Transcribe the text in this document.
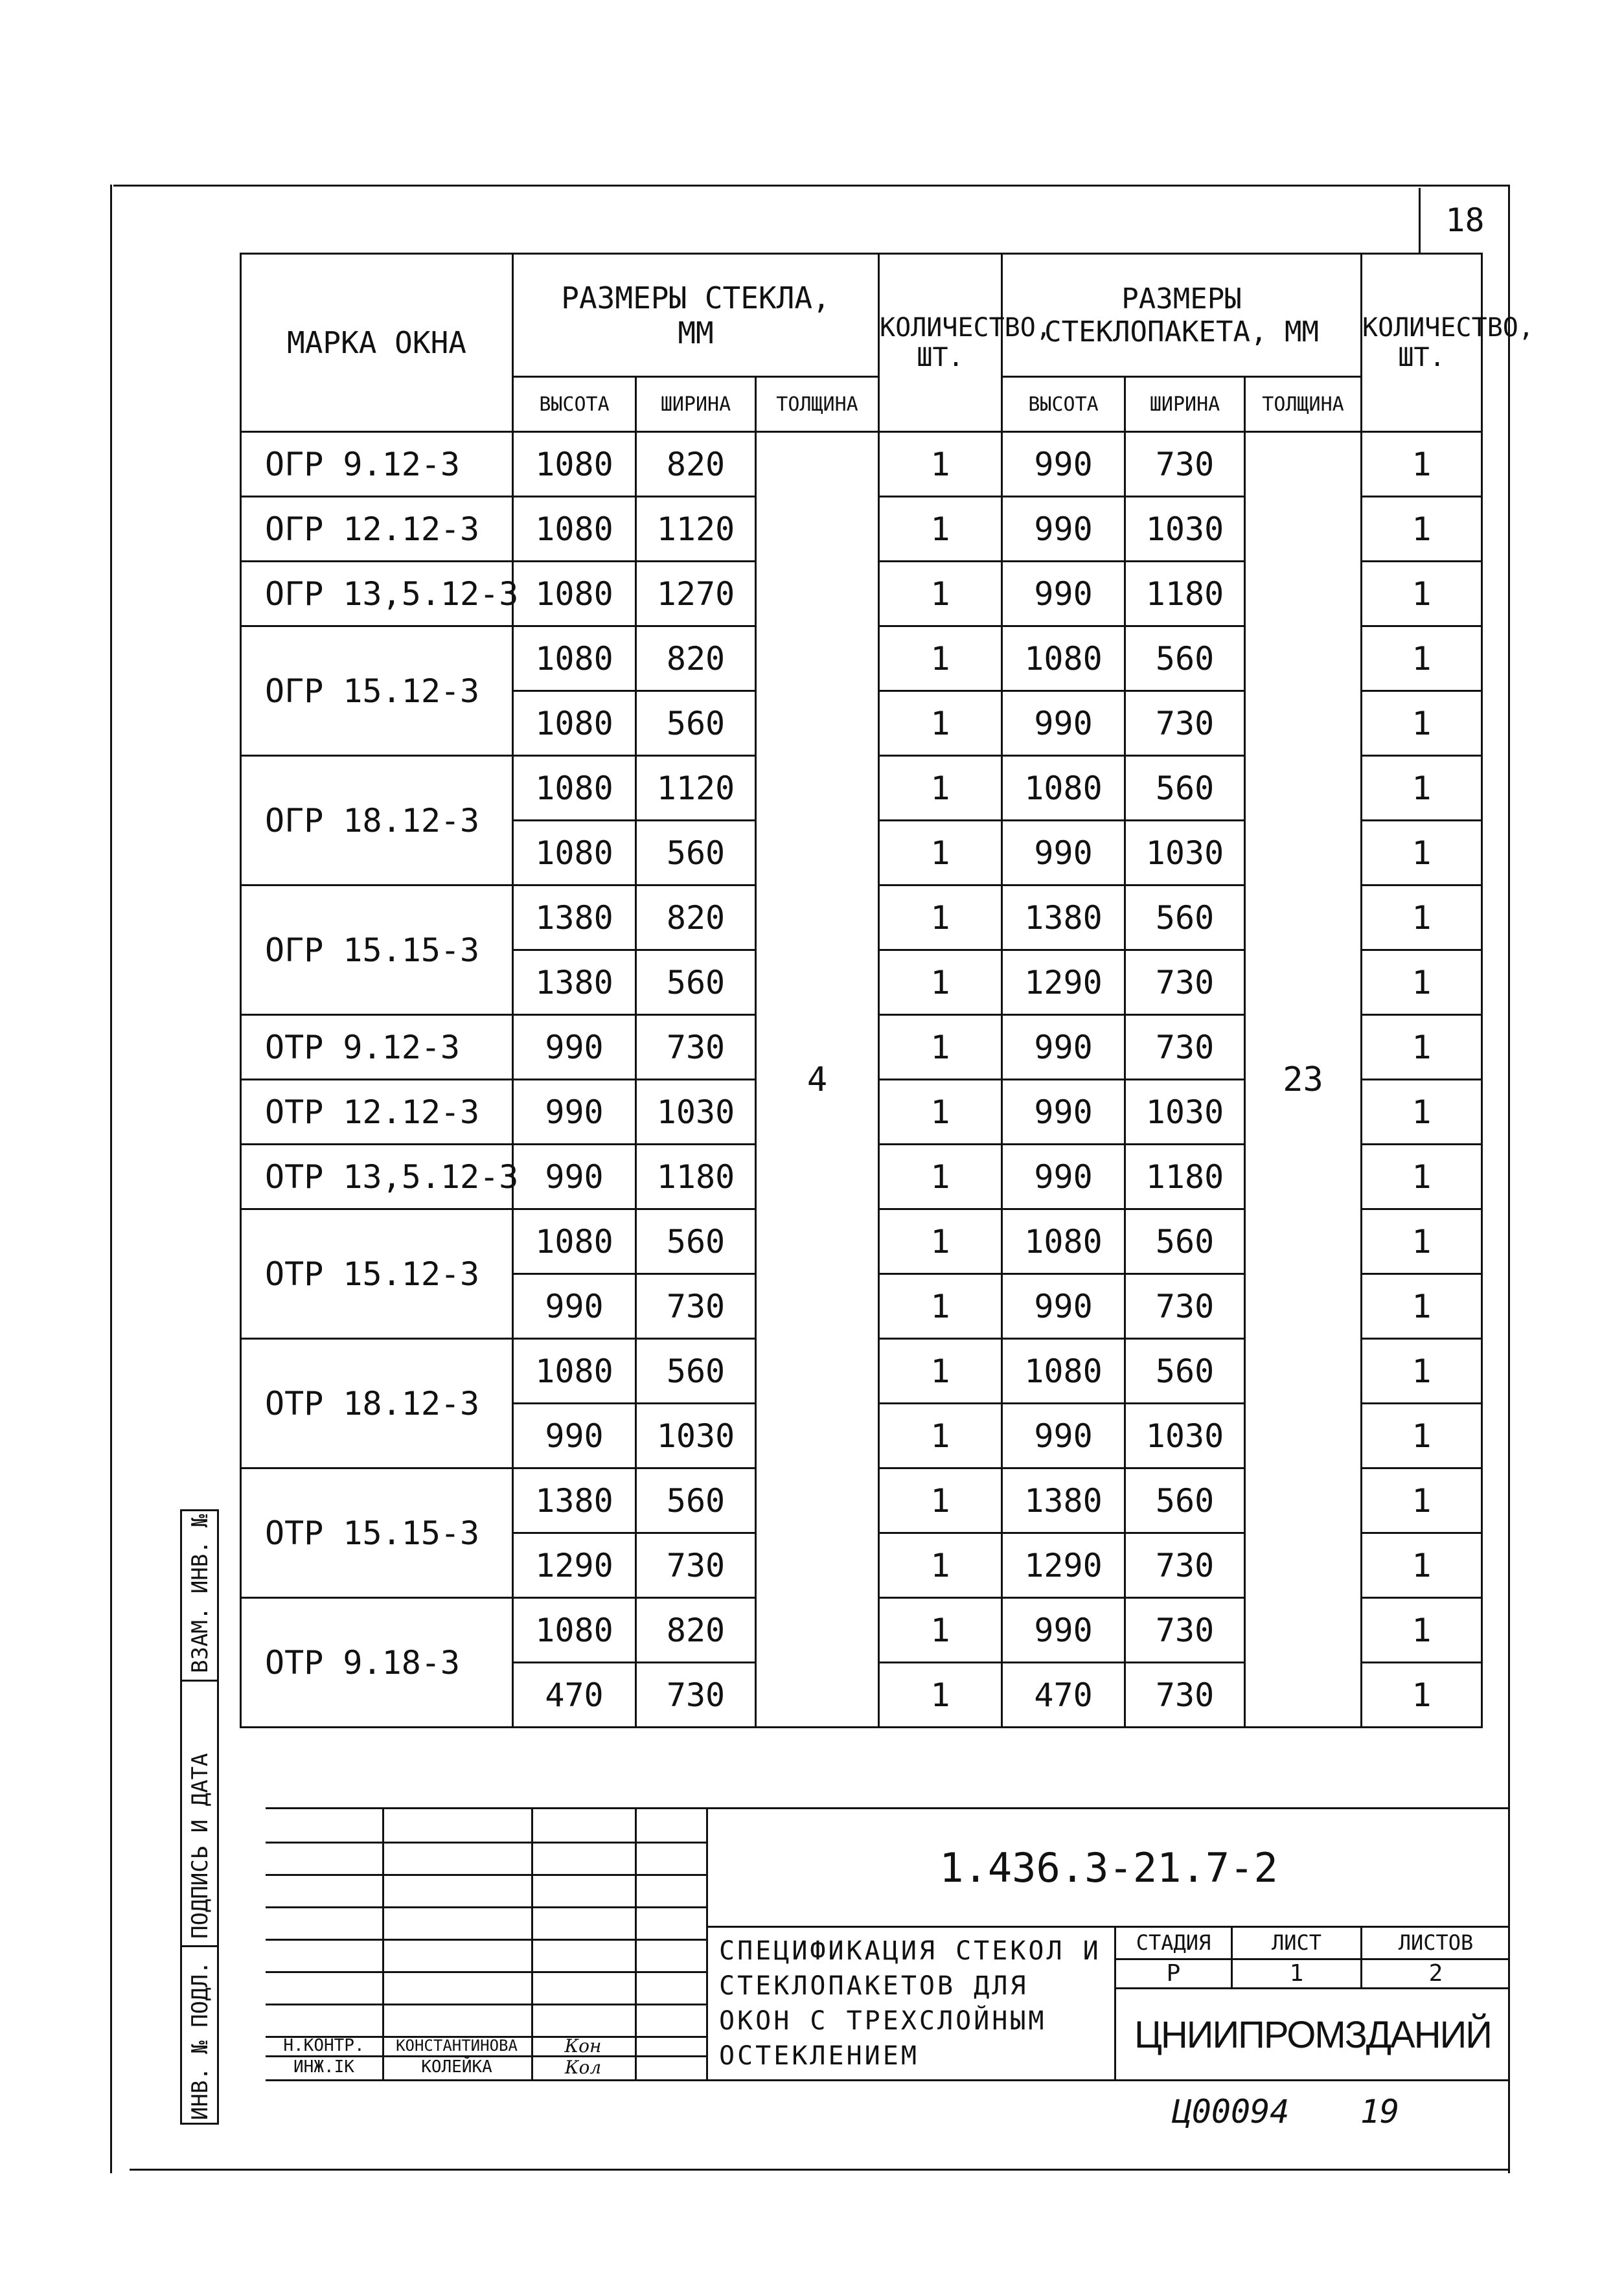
18
МАРКА ОКНА	РАЗМЕРЫ СТЕКЛА, ММ			КОЛИЧЕСТВО, ШТ.	РАЗМЕРЫ СТЕКЛОПАКЕТА, ММ			КОЛИЧЕСТВО, ШТ.
	ВЫСОТА	ШИРИНА	ТОЛЩИНА		ВЫСОТА	ШИРИНА	ТОЛЩИНА	
ОГР 9.12-3	1080	820	4	1	990	730	23	1
ОГР 12.12-3	1080	1120		1	990	1030		1
ОГР 13,5.12-3	1080	1270		1	990	1180		1
ОГР 15.12-3	1080	820		1	1080	560		1
	1080	560		1	990	730		1
ОГР 18.12-3	1080	1120		1	1080	560		1
	1080	560		1	990	1030		1
ОГР 15.15-3	1380	820		1	1380	560		1
	1380	560		1	1290	730		1
ОТР 9.12-3	990	730		1	990	730		1
ОТР 12.12-3	990	1030		1	990	1030		1
ОТР 13,5.12-3	990	1180		1	990	1180		1
ОТР 15.12-3	1080	560		1	1080	560		1
	990	730		1	990	730		1
ОТР 18.12-3	1080	560		1	1080	560		1
	990	1030		1	990	1030		1
ОТР 15.15-3	1380	560		1	1380	560		1
	1290	730		1	1290	730		1
ОТР 9.18-3	1080	820		1	990	730		1
	470	730		1	470	730		1
Н.КОНТР.	КОНСТАНТИНОВА	Кон
ИНЖ.IК	КОЛЕЙКА	Кол
1.436.3-21.7-2
СПЕЦИФИКАЦИЯ СТЕКОЛ И СТЕКЛОПАКЕТОВ ДЛЯ ОКОН С ТРЕХСЛОЙНЫМ ОСТЕКЛЕНИЕМ
СТАДИЯ	ЛИСТ	ЛИСТОВ
Р	1	2
ЦНИИПРОМЗДАНИЙ
ВЗАМ. ИНВ. №
ПОДПИСЬ И ДАТА
ИНВ. № ПОДЛ.	Ц00094	19
